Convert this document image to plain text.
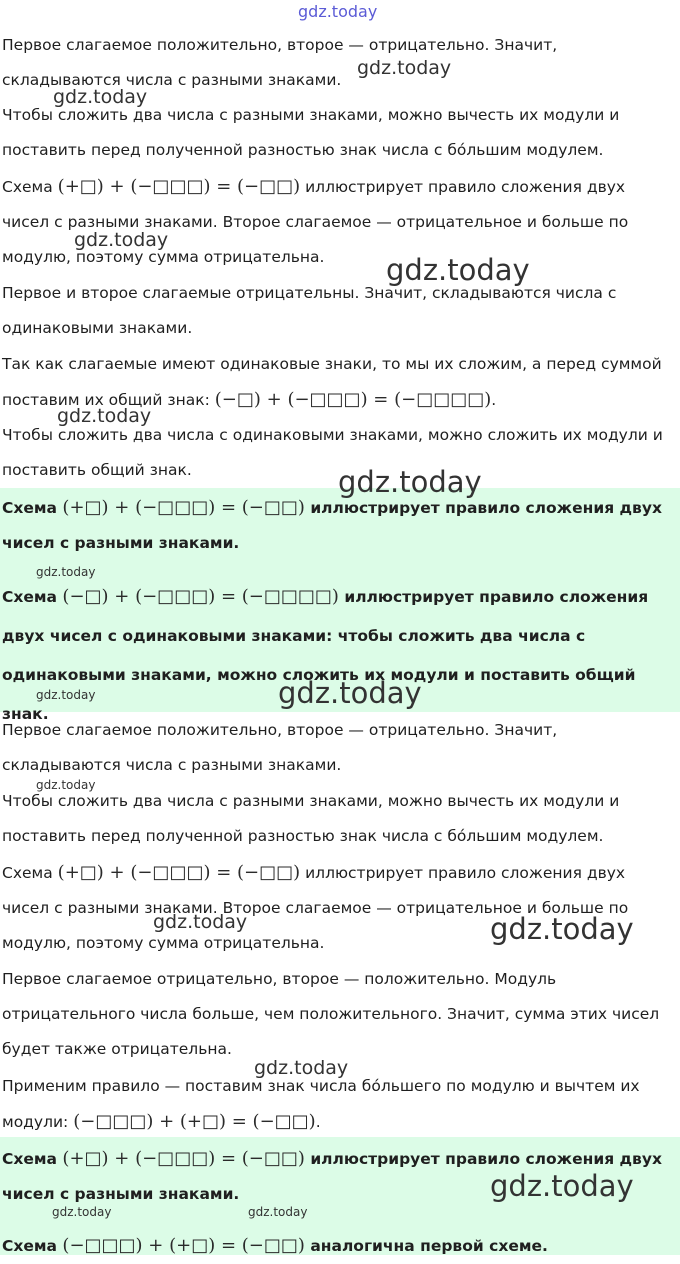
gdz.today
gdz.today
gdz.today
gdz.today
gdz.today
gdz.today
gdz.today
gdz.today
gdz.today
gdz.today
gdz.today
gdz.today	gdz.today
gdz.today
gdz.today
gdz.today	gdz.today
Первое слагаемое положительно, второе — отрицательно. Значит, складываются числа с разными знаками.
Чтобы сложить два числа с разными знаками, можно вычесть их модули и поставить перед полученной разностью знак числа с бо́льшим модулем.
Схема (+□) + (−□□□) = (−□□) иллюстрирует правило сложения двух чисел с разными знаками. Второе слагаемое — отрицательное и больше по модулю, поэтому сумма отрицательна.
Первое и второе слагаемые отрицательны. Значит, складываются числа с одинаковыми знаками.
Так как слагаемые имеют одинаковые знаки, то мы их сложим, а перед суммой поставим их общий знак: (−□) + (−□□□) = (−□□□□).
Чтобы сложить два числа с одинаковыми знаками, можно сложить их модули и поставить общий знак.
Схема (+□) + (−□□□) = (−□□) иллюстрирует правило сложения двух чисел с разными знаками.
Схема (−□) + (−□□□) = (−□□□□) иллюстрирует правило сложения двух чисел с одинаковыми знаками: чтобы сложить два числа с одинаковыми знаками, можно сложить их модули и поставить общий знак.
Первое слагаемое положительно, второе — отрицательно. Значит, складываются числа с разными знаками.
Чтобы сложить два числа с разными знаками, можно вычесть их модули и поставить перед полученной разностью знак числа с бо́льшим модулем.
Схема (+□) + (−□□□) = (−□□) иллюстрирует правило сложения двух чисел с разными знаками. Второе слагаемое — отрицательное и больше по модулю, поэтому сумма отрицательна.
Первое слагаемое отрицательно, второе — положительно. Модуль отрицательного числа больше, чем положительного. Значит, сумма этих чисел будет также отрицательна.
Применим правило — поставим знак числа бо́льшего по модулю и вычтем их модули: (−□□□) + (+□) = (−□□).
Схема (+□) + (−□□□) = (−□□) иллюстрирует правило сложения двух чисел с разными знаками.
Схема (−□□□) + (+□) = (−□□) аналогична первой схеме.
